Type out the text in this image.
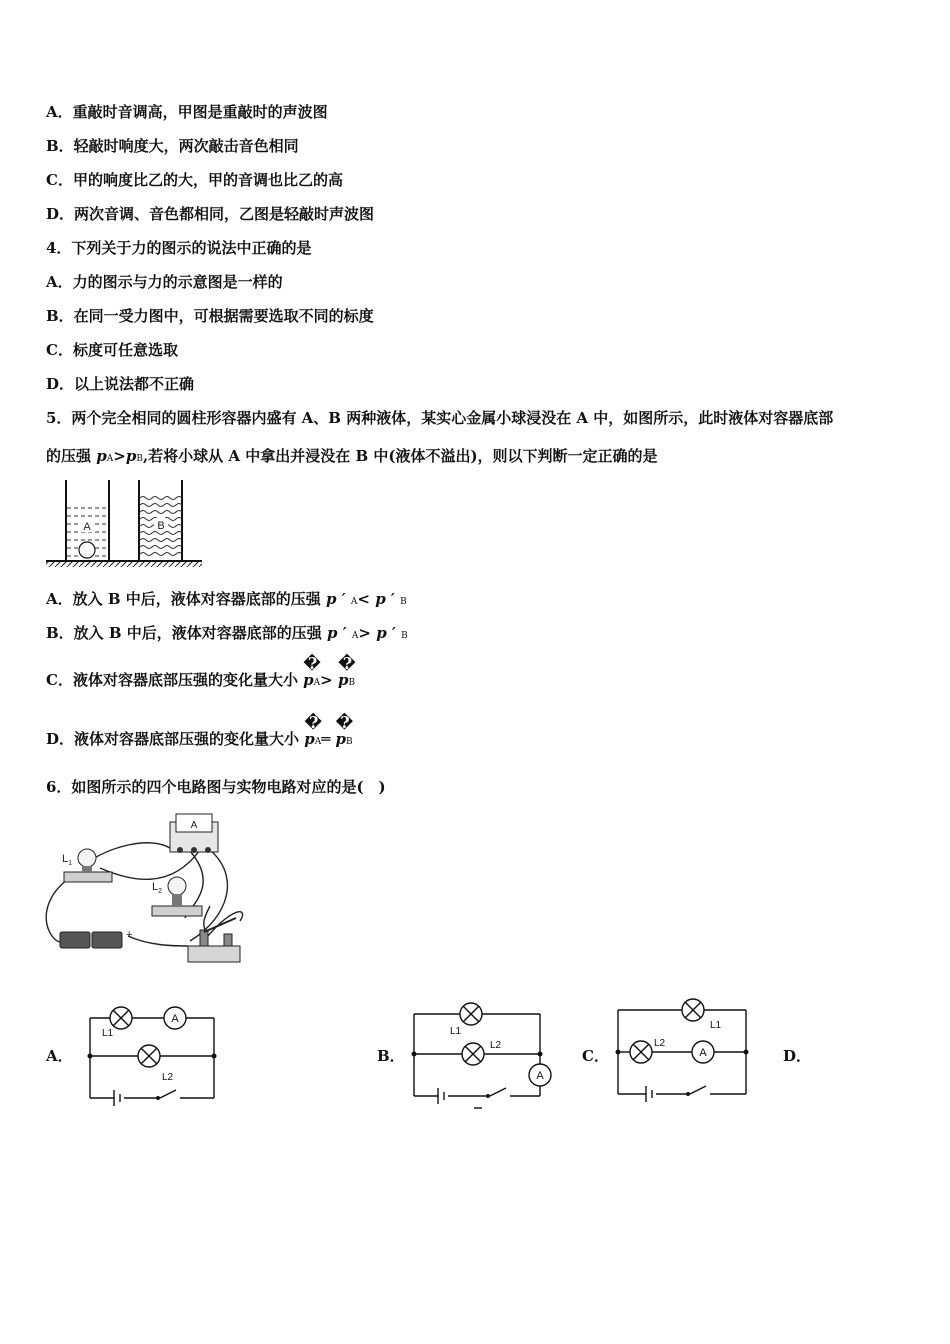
A．重敲时音调高，甲图是重敲时的声波图
B．轻敲时响度大，两次敲击音色相同
C．甲的响度比乙的大，甲的音调也比乙的高
D．两次音调、音色都相同，乙图是轻敲时声波图
4．下列关于力的图示的说法中正确的是
A．力的图示与力的示意图是一样的
B．在同一受力图中，可根据需要选取不同的标度
C．标度可任意选取
D．以上说法都不正确
5．两个完全相同的圆柱形容器内盛有 A、B 两种液体，某实心金属小球浸没在 A 中，如图所示，此时液体对容器底部
的压强 pA>pB,若将小球从 A 中拿出并浸没在 B 中(液体不溢出)，则以下判断一定正确的是
A	B
A．放入 B 中后，液体对容器底部的压强 p ′ A< p ′ B
B．放入 B 中后，液体对容器底部的压强 p ′ A> p ′ B
C．液体对容器底部压强的变化量大小
�
pA>
�
pB
D．液体对容器底部压强的变化量大小
�
pA═
�
pB
6．如图所示的四个电路图与实物电路对应的是(　)
A
$L_1$
$L_2$
+
A．	B．	C．	D．
A
L1
L2	A
L1
L2
A
L1
L2
